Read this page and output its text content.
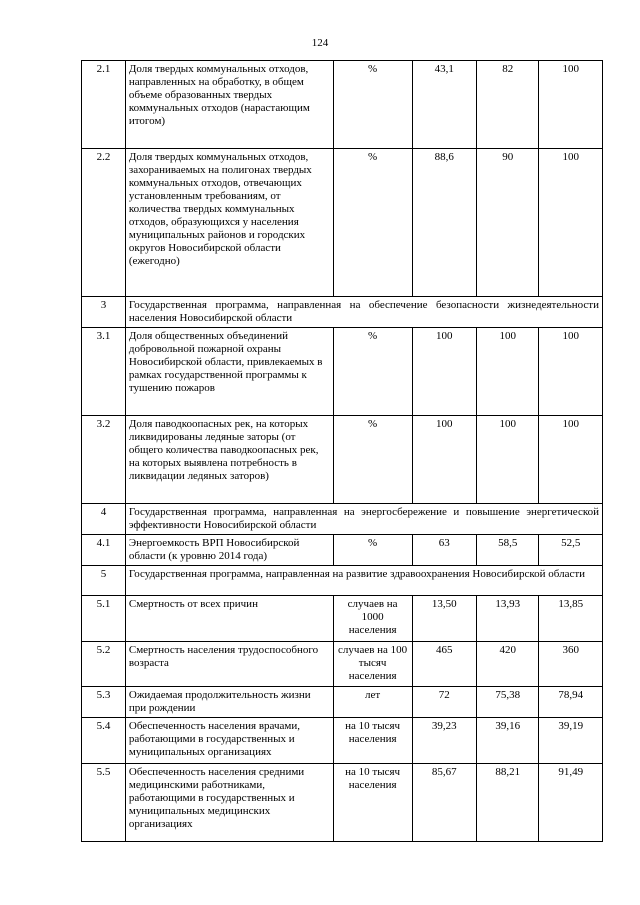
124
2.1	Доля твердых коммунальных отходов, направленных на обработку, в общем объеме образованных твердых коммунальных отходов (нарастающим итогом)	%	43,1	82	100
2.2	Доля твердых коммунальных отходов, захораниваемых на полигонах твердых коммунальных отходов, отвечающих установленным требованиям, от количества твердых коммунальных отходов, образующихся у населения муниципальных районов и городских округов Новосибирской области (ежегодно)	%	88,6	90	100
3	Государственная программа, направленная на обеспечение безопасности жизнедеятельности населения Новосибирской области				
3.1	Доля общественных объединений добровольной пожарной охраны Новосибирской области, привлекаемых в рамках государственной программы к тушению пожаров	%	100	100	100
3.2	Доля паводкоопасных рек, на которых ликвидированы ледяные заторы (от общего количества паводкоопасных рек, на которых выявлена потребность в ликвидации ледяных заторов)	%	100	100	100
4	Государственная программа, направленная на энергосбережение и повышение энергетической эффективности Новосибирской области				
4.1	Энергоемкость ВРП Новосибирской области (к уровню 2014 года)	%	63	58,5	52,5
5	Государственная программа, направленная на развитие здравоохранения Новосибирской области				
5.1	Смертность от всех причин	случаев на 1000 населения	13,50	13,93	13,85
5.2	Смертность населения трудоспособного возраста	случаев на 100 тысяч населения	465	420	360
5.3	Ожидаемая продолжительность жизни при рождении	лет	72	75,38	78,94
5.4	Обеспеченность населения врачами, работающими в государственных и муниципальных организациях	на 10 тысяч населения	39,23	39,16	39,19
5.5	Обеспеченность населения средними медицинскими работниками, работающими в государственных и муниципальных медицинских организациях	на 10 тысяч населения	85,67	88,21	91,49
